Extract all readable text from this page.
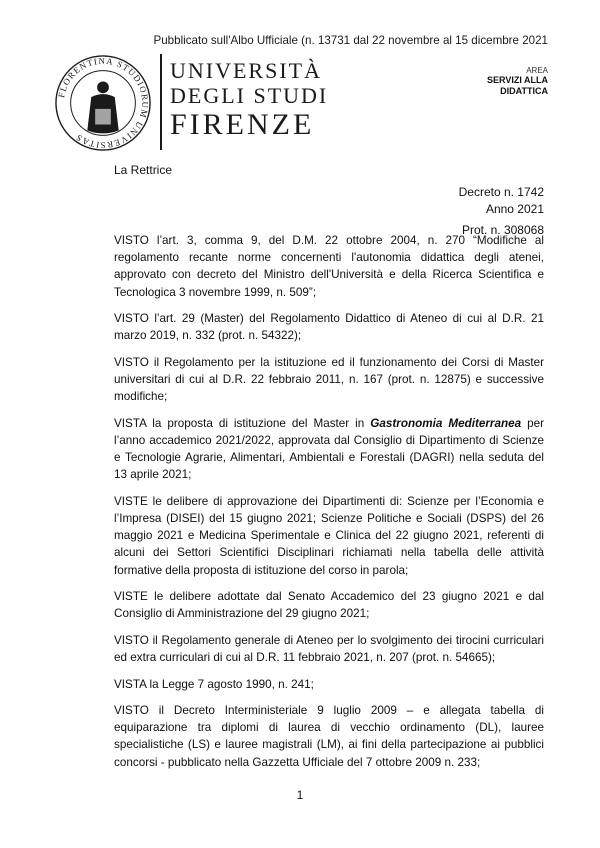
Pubblicato sull'Albo Ufficiale (n. 13731 dal 22 novembre al 15 dicembre 2021
FLORENTINA STUDIORUM UNIVERSITAS
UNIVERSITÀ
DEGLI STUDI
FIRENZE
AREA
SERVIZI ALLA
DIDATTICA
La Rettrice
Decreto n. 1742
Anno 2021
Prot. n. 308068

VISTO l’art. 3, comma 9, del D.M. 22 ottobre 2004, n. 270 “Modifiche al regolamento recante norme concernenti l'autonomia didattica degli atenei, approvato con decreto del Ministro dell'Università e della Ricerca Scientifica e Tecnologica 3 novembre 1999, n. 509”;

VISTO l’art. 29 (Master) del Regolamento Didattico di Ateneo di cui al D.R. 21 marzo 2019, n. 332 (prot. n. 54322);

VISTO il Regolamento per la istituzione ed il funzionamento dei Corsi di Master universitari di cui al D.R. 22 febbraio 2011, n. 167 (prot. n. 12875) e successive modifiche;

VISTA la proposta di istituzione del Master in Gastronomia Mediterranea per l’anno accademico 2021/2022, approvata dal Consiglio di Dipartimento di Scienze e Tecnologie Agrarie, Alimentari, Ambientali e Forestali (DAGRI) nella seduta del 13 aprile 2021;

VISTE le delibere di approvazione dei Dipartimenti di: Scienze per l’Economia e l’Impresa (DISEI) del 15 giugno 2021; Scienze Politiche e Sociali (DSPS) del 26 maggio 2021 e Medicina Sperimentale e Clinica del 22 giugno 2021, referenti di alcuni dei Settori Scientifici Disciplinari richiamati nella tabella delle attività formative della proposta di istituzione del corso in parola;

VISTE le delibere adottate dal Senato Accademico del 23 giugno 2021 e dal Consiglio di Amministrazione del 29 giugno 2021;

VISTO il Regolamento generale di Ateneo per lo svolgimento dei tirocini curriculari ed extra curriculari di cui al D.R. 11 febbraio 2021, n. 207 (prot. n. 54665);

VISTA la Legge 7 agosto 1990, n. 241;

VISTO il Decreto Interministeriale 9 luglio 2009 – e allegata tabella di equiparazione tra diplomi di laurea di vecchio ordinamento (DL), lauree specialistiche (LS) e lauree magistrali (LM), ai fini della partecipazione ai pubblici concorsi - pubblicato nella Gazzetta Ufficiale del 7 ottobre 2009 n. 233;

1
